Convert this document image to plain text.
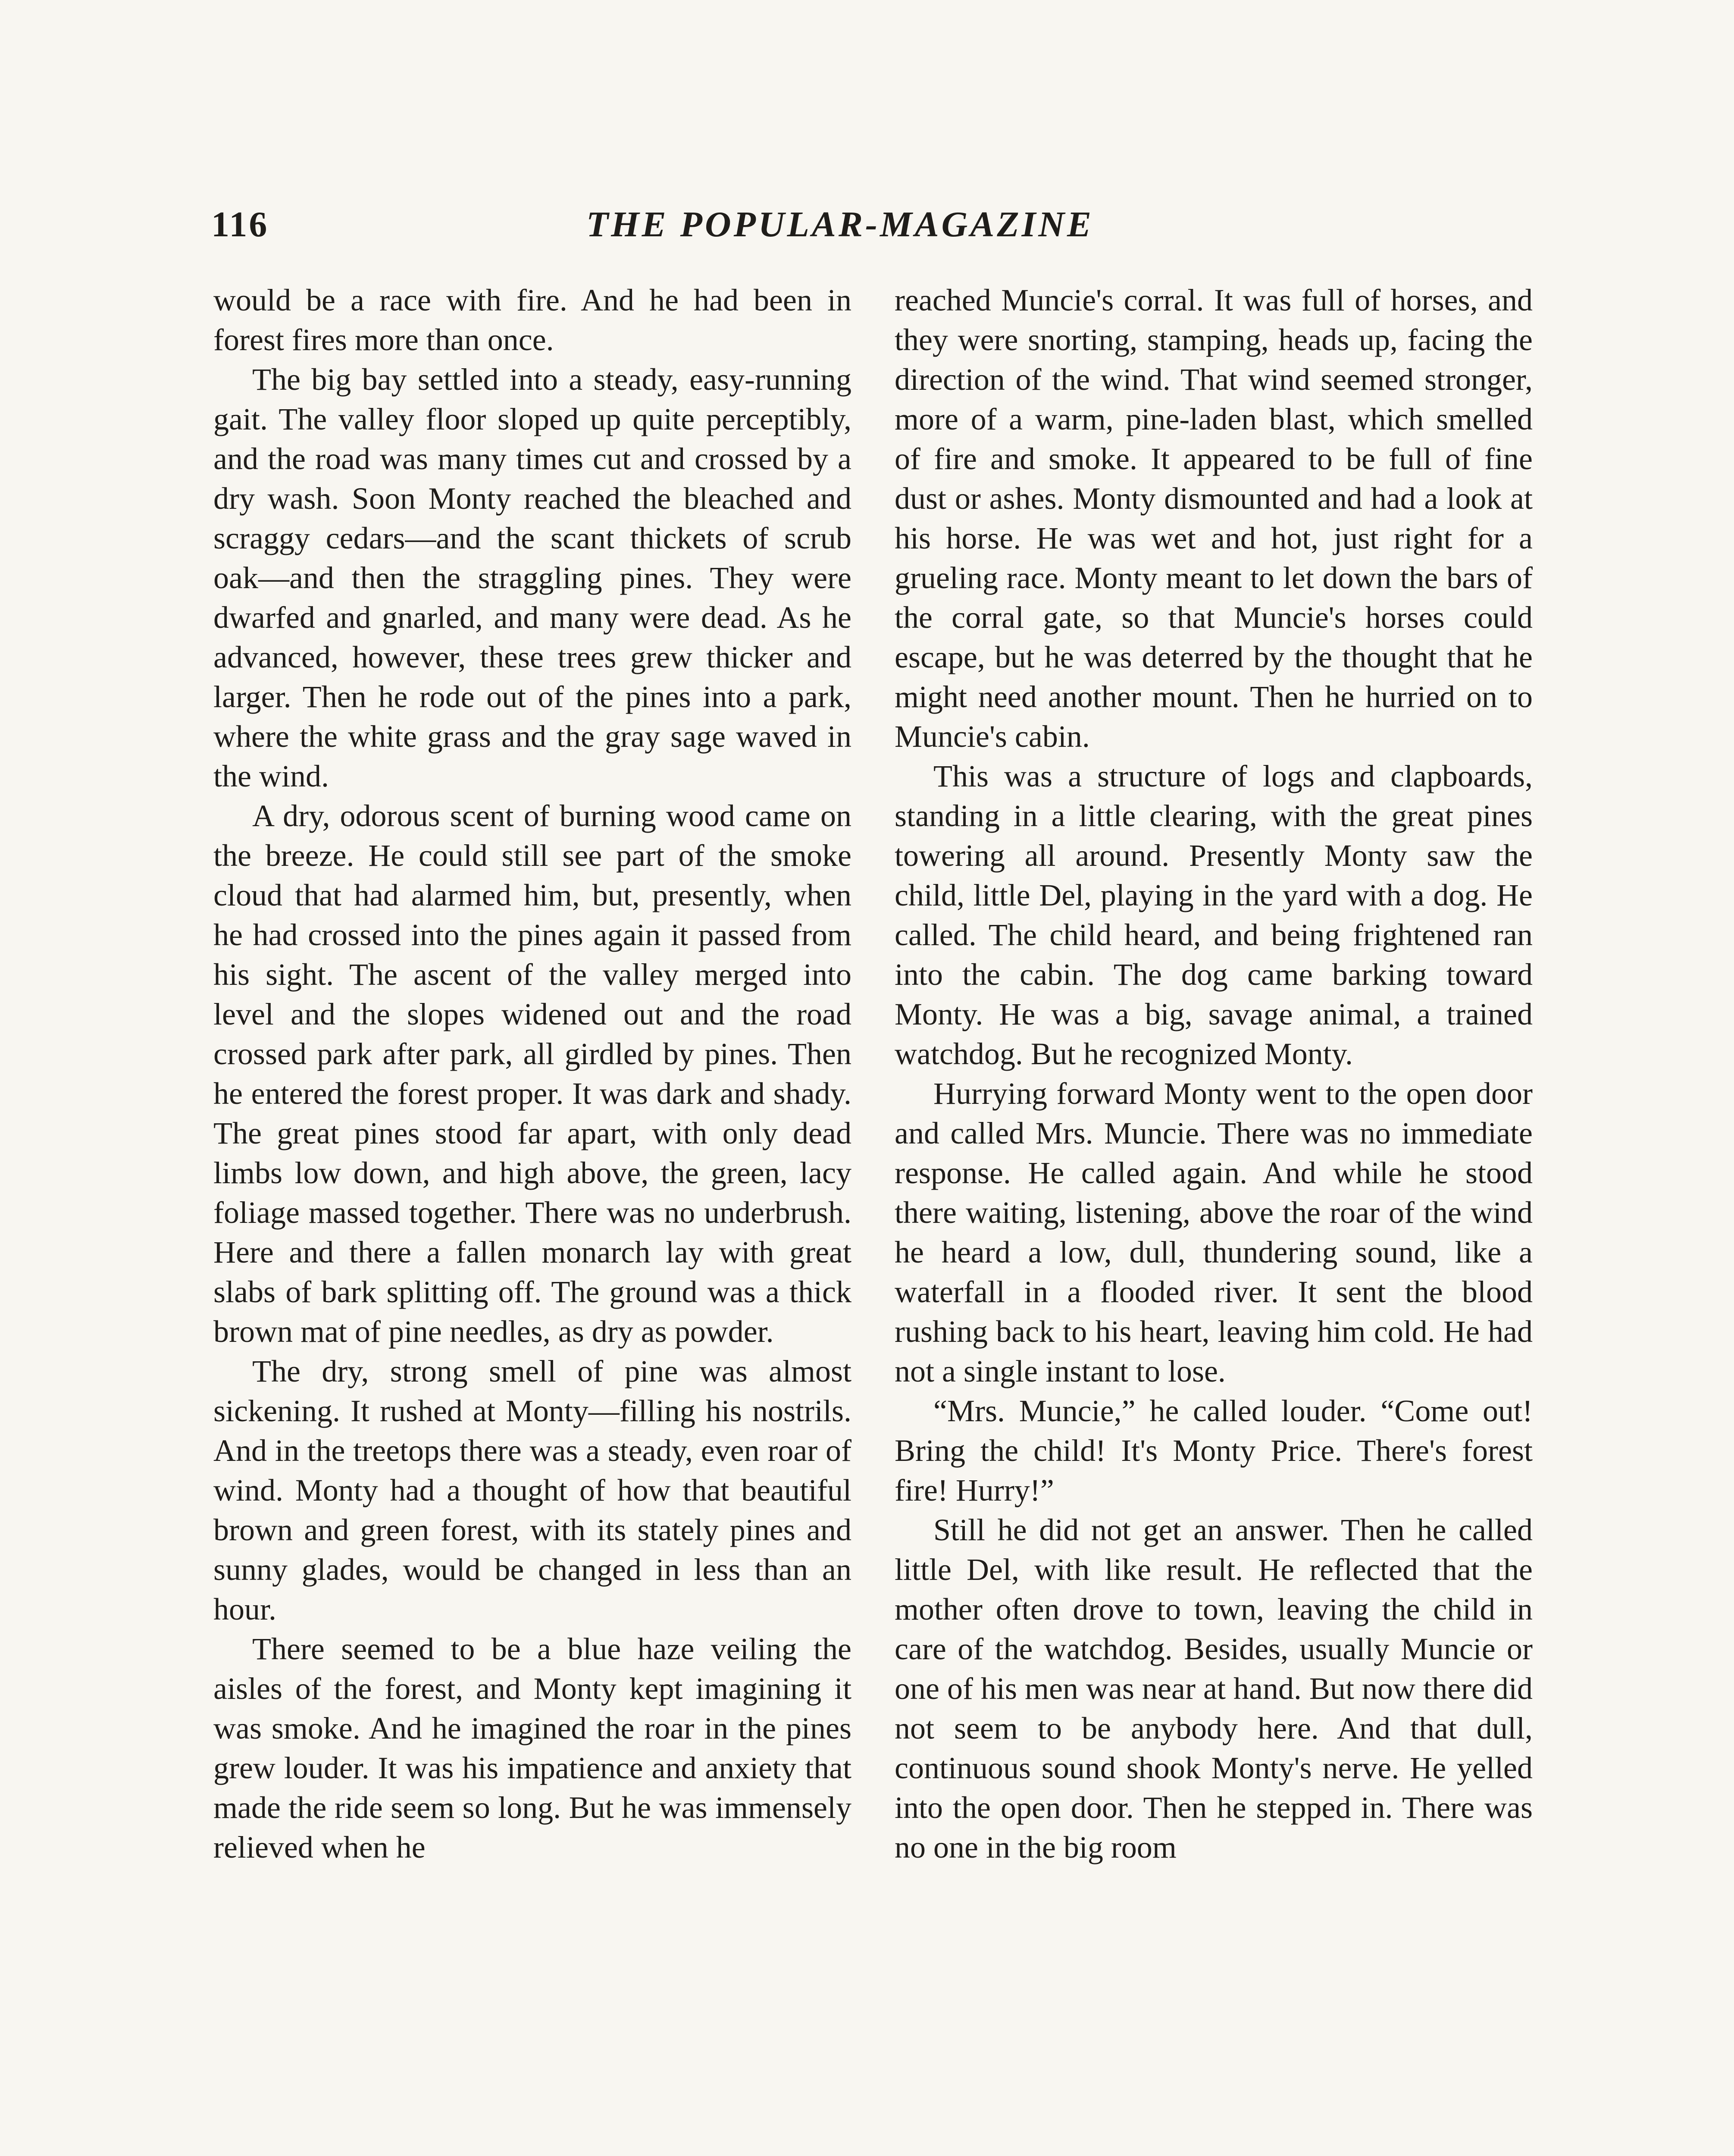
116	THE POPULAR-MAGAZINE

would be a race with fire. And he had been in forest fires more than once.

The big bay settled into a steady, easy-running gait. The valley floor sloped up quite perceptibly, and the road was many times cut and crossed by a dry wash. Soon Monty reached the bleached and scraggy cedars—and the scant thickets of scrub oak—and then the straggling pines. They were dwarfed and gnarled, and many were dead. As he advanced, however, these trees grew thicker and larger. Then he rode out of the pines into a park, where the white grass and the gray sage waved in the wind.

A dry, odorous scent of burning wood came on the breeze. He could still see part of the smoke cloud that had alarmed him, but, presently, when he had crossed into the pines again it passed from his sight. The ascent of the valley merged into level and the slopes widened out and the road crossed park after park, all girdled by pines. Then he entered the forest proper. It was dark and shady. The great pines stood far apart, with only dead limbs low down, and high above, the green, lacy foliage massed together. There was no underbrush. Here and there a fallen monarch lay with great slabs of bark splitting off. The ground was a thick brown mat of pine needles, as dry as powder.

The dry, strong smell of pine was almost sickening. It rushed at Monty—filling his nostrils. And in the treetops there was a steady, even roar of wind. Monty had a thought of how that beautiful brown and green forest, with its stately pines and sunny glades, would be changed in less than an hour.

There seemed to be a blue haze veiling the aisles of the forest, and Monty kept imagining it was smoke. And he imagined the roar in the pines grew louder. It was his impatience and anxiety that made the ride seem so long. But he was immensely relieved when he

reached Muncie's corral. It was full of horses, and they were snorting, stamping, heads up, facing the direction of the wind. That wind seemed stronger, more of a warm, pine-laden blast, which smelled of fire and smoke. It appeared to be full of fine dust or ashes. Monty dismounted and had a look at his horse. He was wet and hot, just right for a grueling race. Monty meant to let down the bars of the corral gate, so that Muncie's horses could escape, but he was deterred by the thought that he might need another mount. Then he hurried on to Muncie's cabin.

This was a structure of logs and clapboards, standing in a little clearing, with the great pines towering all around. Presently Monty saw the child, little Del, playing in the yard with a dog. He called. The child heard, and being frightened ran into the cabin. The dog came barking toward Monty. He was a big, savage animal, a trained watchdog. But he recognized Monty.

Hurrying forward Monty went to the open door and called Mrs. Muncie. There was no immediate response. He called again. And while he stood there waiting, listening, above the roar of the wind he heard a low, dull, thundering sound, like a waterfall in a flooded river. It sent the blood rushing back to his heart, leaving him cold. He had not a single instant to lose.

“Mrs. Muncie,” he called louder. “Come out! Bring the child! It's Monty Price. There's forest fire! Hurry!”

Still he did not get an answer. Then he called little Del, with like result. He reflected that the mother often drove to town, leaving the child in care of the watchdog. Besides, usually Muncie or one of his men was near at hand. But now there did not seem to be anybody here. And that dull, continuous sound shook Monty's nerve. He yelled into the open door. Then he stepped in. There was no one in the big room
